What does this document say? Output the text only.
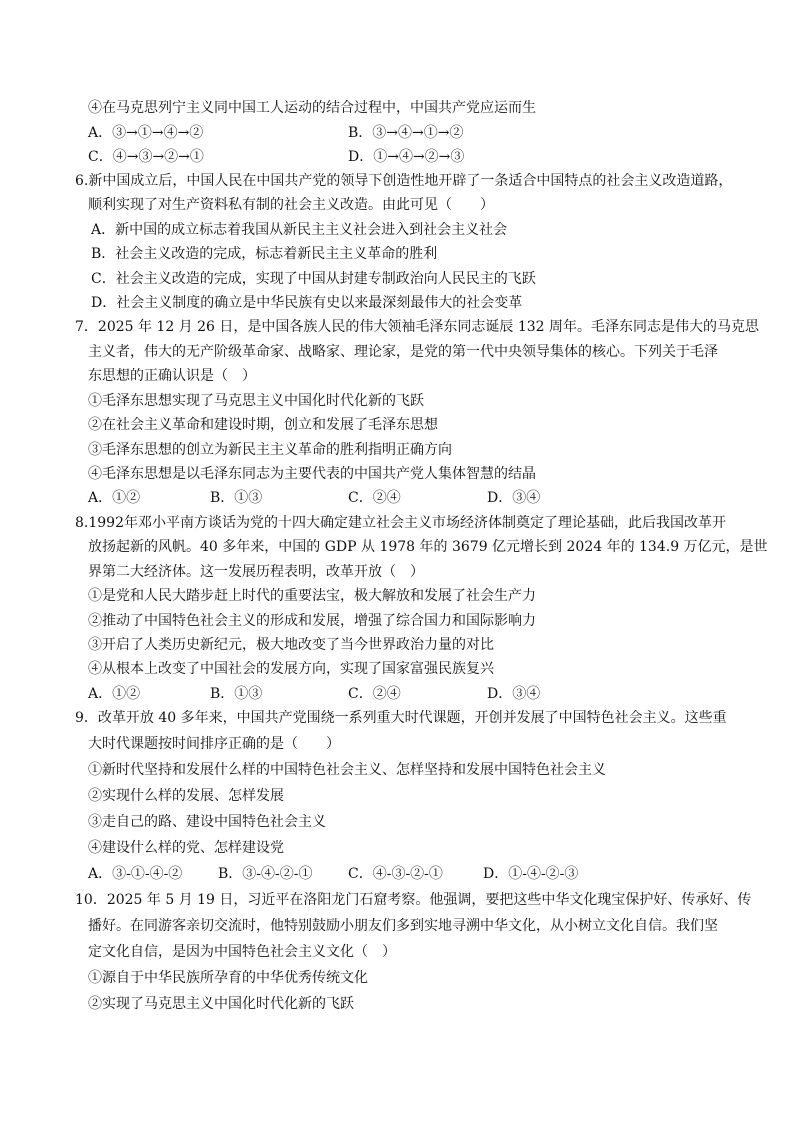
④在马克思列宁主义同中国工人运动的结合过程中，中国共产党应运而生
A．③→①→④→②	B．③→④→①→②
C．④→③→②→①	D．①→④→②→③
6.新中国成立后，中国人民在中国共产党的领导下创造性地开辟了一条适合中国特点的社会主义改造道路，
顺利实现了对生产资料私有制的社会主义改造。由此可见（　　）
A．新中国的成立标志着我国从新民主主义社会进入到社会主义社会
B．社会主义改造的完成，标志着新民主主义革命的胜利
C．社会主义改造的完成，实现了中国从封建专制政治向人民民主的飞跃
D．社会主义制度的确立是中华民族有史以来最深刻最伟大的社会变革
7．2025 年 12 月 26 日，是中国各族人民的伟大领袖毛泽东同志诞辰 132 周年。毛泽东同志是伟大的马克思
主义者，伟大的无产阶级革命家、战略家、理论家，是党的第一代中央领导集体的核心。下列关于毛泽
东思想的正确认识是（　）
①毛泽东思想实现了马克思主义中国化时代化新的飞跃
②在社会主义革命和建设时期，创立和发展了毛泽东思想
③毛泽东思想的创立为新民主主义革命的胜利指明正确方向
④毛泽东思想是以毛泽东同志为主要代表的中国共产党人集体智慧的结晶
A．①②	B．①③	C．②④	D．③④
8.1992年邓小平南方谈话为党的十四大确定建立社会主义市场经济体制奠定了理论基础，此后我国改革开
放扬起新的风帆。40 多年来，中国的 GDP 从 1978 年的 3679 亿元增长到 2024 年的 134.9 万亿元，是世
界第二大经济体。这一发展历程表明，改革开放（　）
①是党和人民大踏步赶上时代的重要法宝，极大解放和发展了社会生产力
②推动了中国特色社会主义的形成和发展，增强了综合国力和国际影响力
③开启了人类历史新纪元，极大地改变了当今世界政治力量的对比
④从根本上改变了中国社会的发展方向，实现了国家富强民族复兴
A．①②	B．①③	C．②④	D．③④
9．改革开放 40 多年来，中国共产党围绕一系列重大时代课题，开创并发展了中国特色社会主义。这些重
大时代课题按时间排序正确的是（　　）
①新时代坚持和发展什么样的中国特色社会主义、怎样坚持和发展中国特色社会主义
②实现什么样的发展、怎样发展
③走自己的路、建设中国特色社会主义
④建设什么样的党、怎样建设党
A．③-①-④-②	B．③-④-②-①	C．④-③-②-①	D．①-④-②-③
10．2025 年 5 月 19 日，习近平在洛阳龙门石窟考察。他强调，要把这些中华文化瑰宝保护好、传承好、传
播好。在同游客亲切交流时，他特别鼓励小朋友们多到实地寻溯中华文化，从小树立文化自信。我们坚
定文化自信，是因为中国特色社会主义文化（　）
①源自于中华民族所孕育的中华优秀传统文化
②实现了马克思主义中国化时代化新的飞跃
